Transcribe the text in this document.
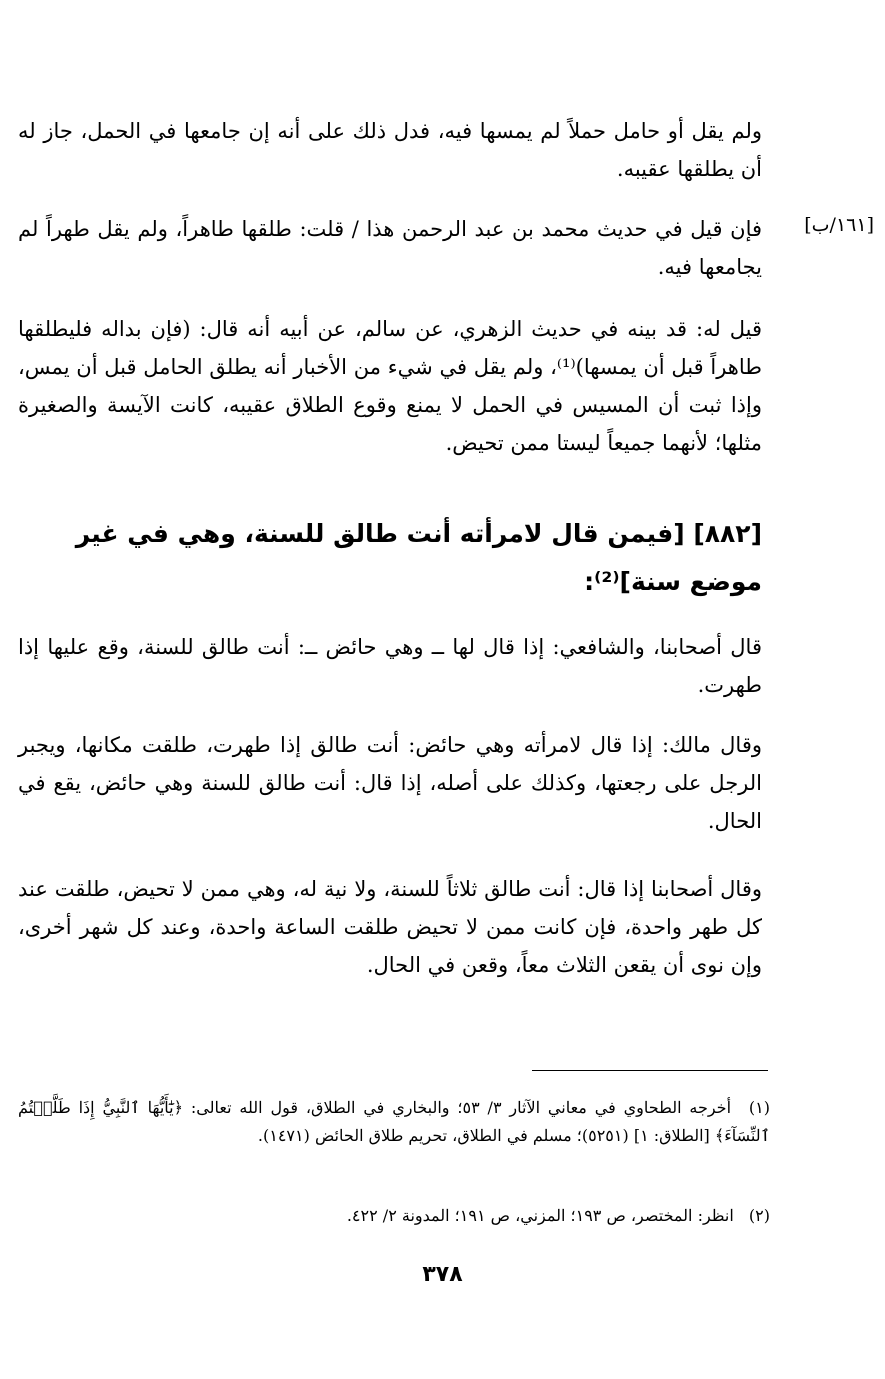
[١٦١/ب]

ولم يقل أو حامل حملاً لم يمسها فيه، فدل ذلك على أنه إن جامعها في الحمل، جاز له أن يطلقها عقيبه.

فإن قيل في حديث محمد بن عبد الرحمن هذا / قلت: طلقها طاهراً، ولم يقل طهراً لم يجامعها فيه.

قيل له: قد بينه في حديث الزهري، عن سالم، عن أبيه أنه قال: (فإن بداله فليطلقها طاهراً قبل أن يمسها)⁽¹⁾، ولم يقل في شيء من الأخبار أنه يطلق الحامل قبل أن يمس، وإذا ثبت أن المسيس في الحمل لا يمنع وقوع الطلاق عقيبه، كانت الآيسة والصغيرة مثلها؛ لأنهما جميعاً ليستا ممن تحيض.

[٨٨٢] [فيمن قال لامرأته أنت طالق للسنة، وهي في غير موضع سنة]⁽²⁾:

قال أصحابنا، والشافعي: إذا قال لها ــ وهي حائض ــ: أنت طالق للسنة، وقع عليها إذا طهرت.

وقال مالك: إذا قال لامرأته وهي حائض: أنت طالق إذا طهرت، طلقت مكانها، ويجبر الرجل على رجعتها، وكذلك على أصله، إذا قال: أنت طالق للسنة وهي حائض، يقع في الحال.

وقال أصحابنا إذا قال: أنت طالق ثلاثاً للسنة، ولا نية له، وهي ممن لا تحيض، طلقت عند كل طهر واحدة، فإن كانت ممن لا تحيض طلقت الساعة واحدة، وعند كل شهر أخرى، وإن نوى أن يقعن الثلاث معاً، وقعن في الحال.

(١) أخرجه الطحاوي في معاني الآثار ٣/ ٥٣؛ والبخاري في الطلاق، قول الله تعالى: ﴿يَٰٓأَيُّهَا ٱلنَّبِيُّ إِذَا طَلَّقۡتُمُ ٱلنِّسَآءَ﴾ [الطلاق: ١] (٥٢٥١)؛ مسلم في الطلاق، تحريم طلاق الحائض (١٤٧١).

(٢) انظر: المختصر، ص ١٩٣؛ المزني، ص ١٩١؛ المدونة ٢/ ٤٢٢.

٣٧٨
